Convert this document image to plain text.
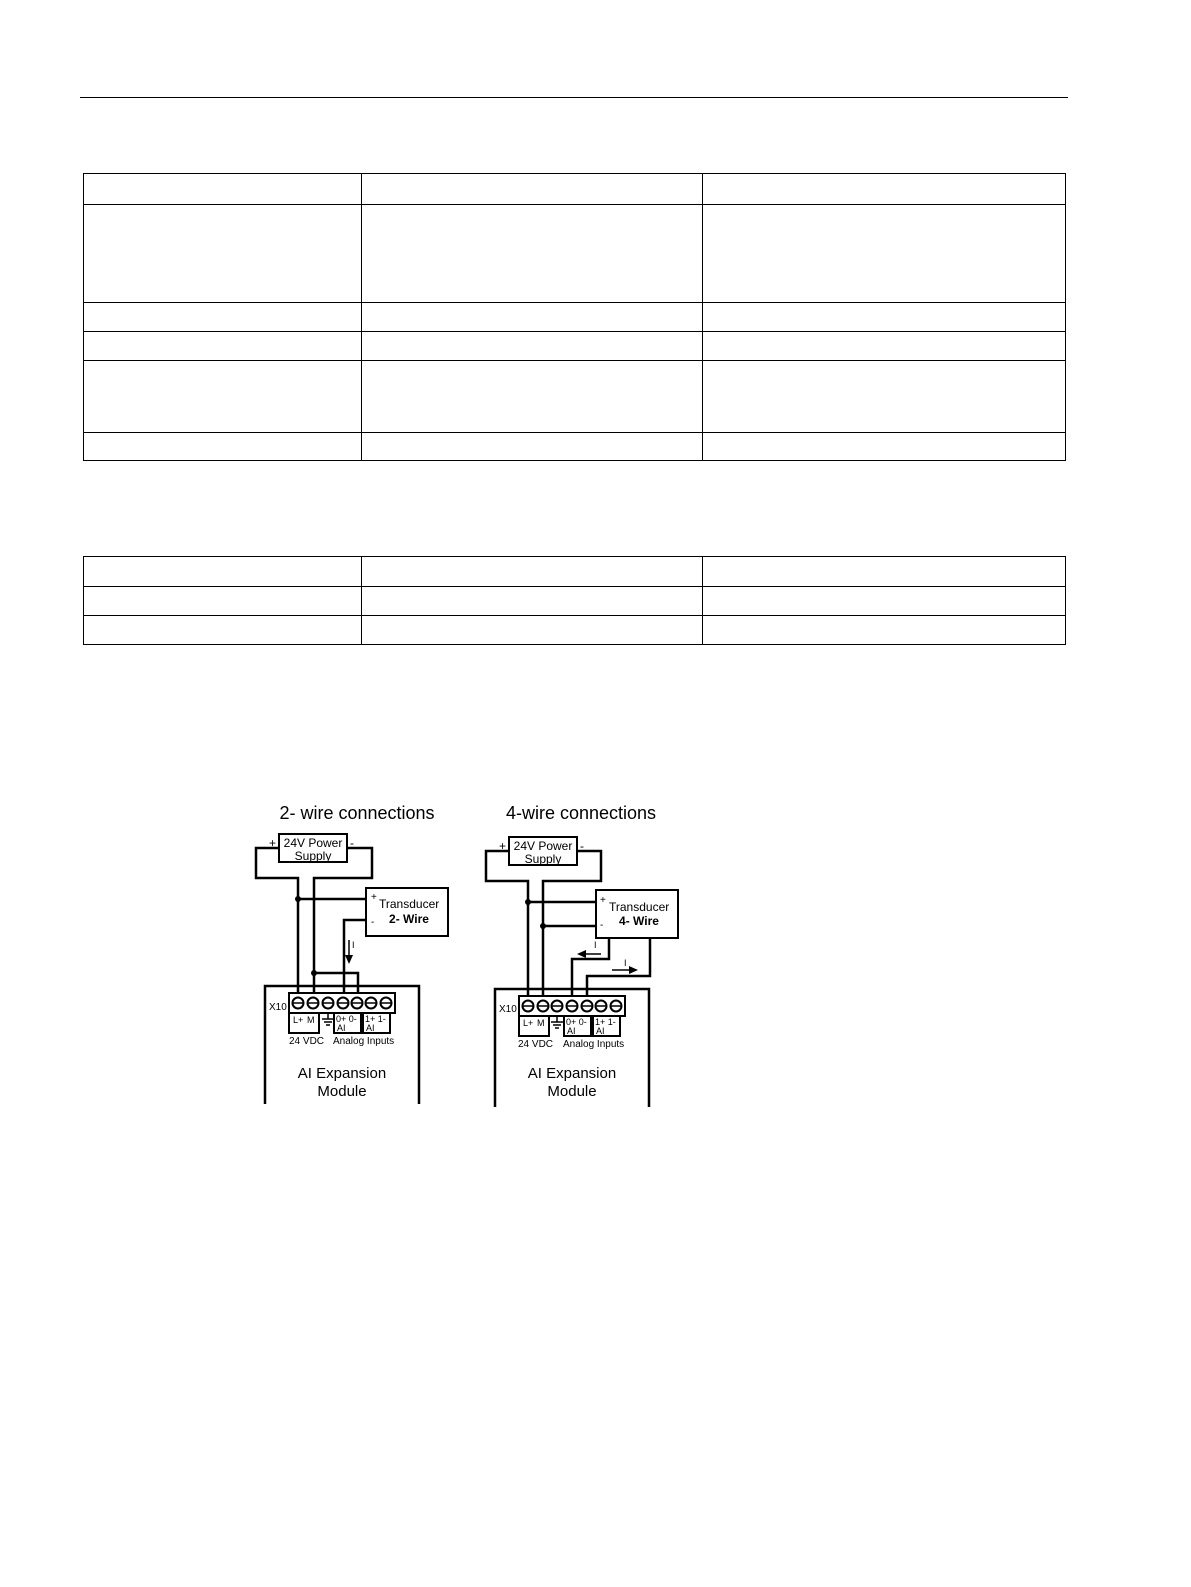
2- wire connections
24V Power
Supply
+	-
+
-
Transducer
2- Wire
I
X10
L+ M 0+ 0-
AI
1+ 1-
AI
24 VDC Analog Inputs
AI Expansion
Module
4-wire connections
24V Power
Supply
+	-
+
-
Transducer
4- Wire
I
I
X10
L+ M 0+ 0-
AI
1+ 1-
AI
24 VDC Analog Inputs
AI Expansion
Module
